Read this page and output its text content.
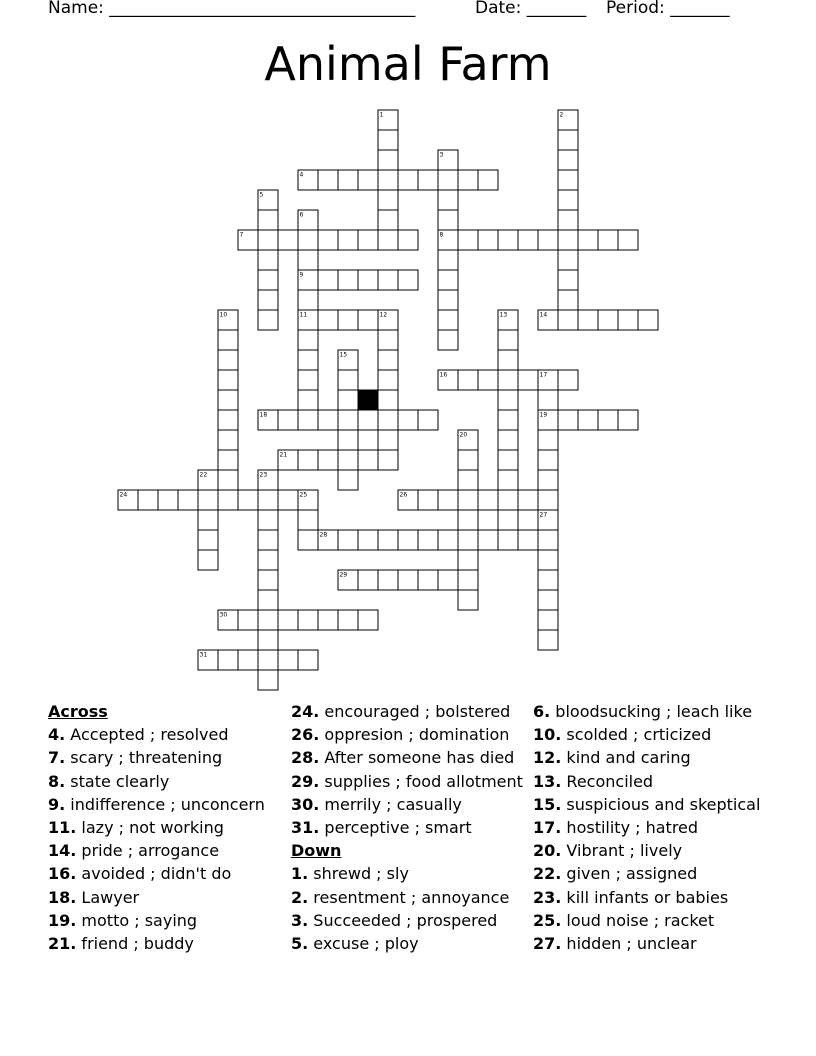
Name: ____________________________________	Date: _______ Period: _______
Animal Farm
1	2
3
4
5
6
7	8
9
10	11	12	13	14
15
16	17
18	19
20
21
22	23
24	25	26
27
28
29
30
31
Across
4. Accepted ; resolved
7. scary ; threatening
8. state clearly
9. indifference ; unconcern
11. lazy ; not working
14. pride ; arrogance
16. avoided ; didn't do
18. Lawyer
19. motto ; saying
21. friend ; buddy
24. encouraged ; bolstered
26. oppresion ; domination
28. After someone has died
29. supplies ; food allotment
30. merrily ; casually
31. perceptive ; smart
Down
1. shrewd ; sly
2. resentment ; annoyance
3. Succeeded ; prospered
5. excuse ; ploy
6. bloodsucking ; leach like
10. scolded ; crticized
12. kind and caring
13. Reconciled
15. suspicious and skeptical
17. hostility ; hatred
20. Vibrant ; lively
22. given ; assigned
23. kill infants or babies
25. loud noise ; racket
27. hidden ; unclear
